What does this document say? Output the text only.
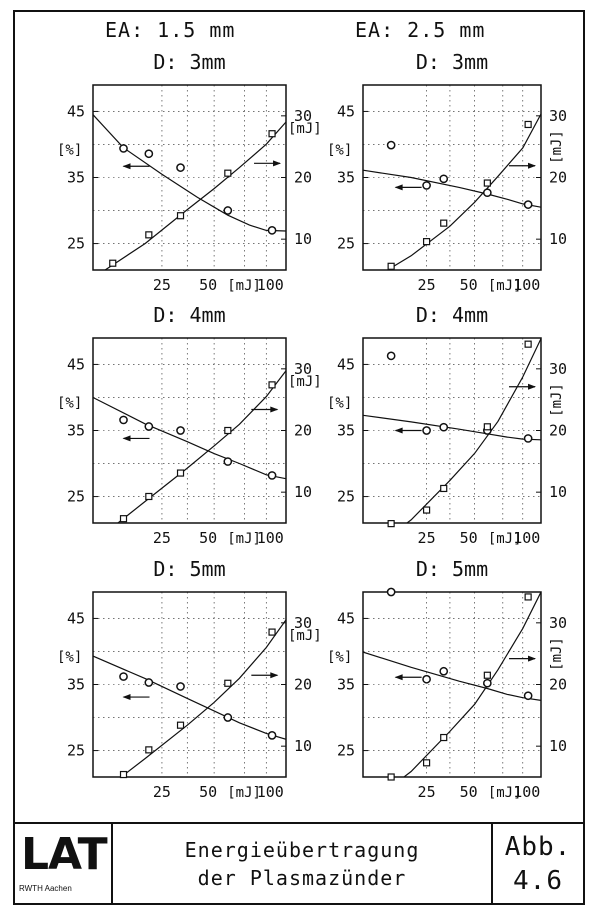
EA: 1.5 mm	EA: 2.5 mm
D: 3mm
25
35
45
10
20
30
[%]
[mJ]
25 50 [mJ]
100
D: 3mm
25
35
45
10
20
30
[%]	[mJ]
25 50 [mJ]
100
D: 4mm
25
35
45
10
20
30
[%]
[mJ]
25 50 [mJ]
100
D: 4mm
25
35
45
10
20
30
[%]	[mJ]
25 50 [mJ]
100
D: 5mm
25
35
45
10
20
30
[%]
[mJ]
25 50 [mJ]
100
D: 5mm
25
35
45
10
20
30
[%]	[mJ]
25 50 [mJ]
100
LAT
RWTH Aachen
Energieübertragung
der Plasmazünder
Abb.
4.6
